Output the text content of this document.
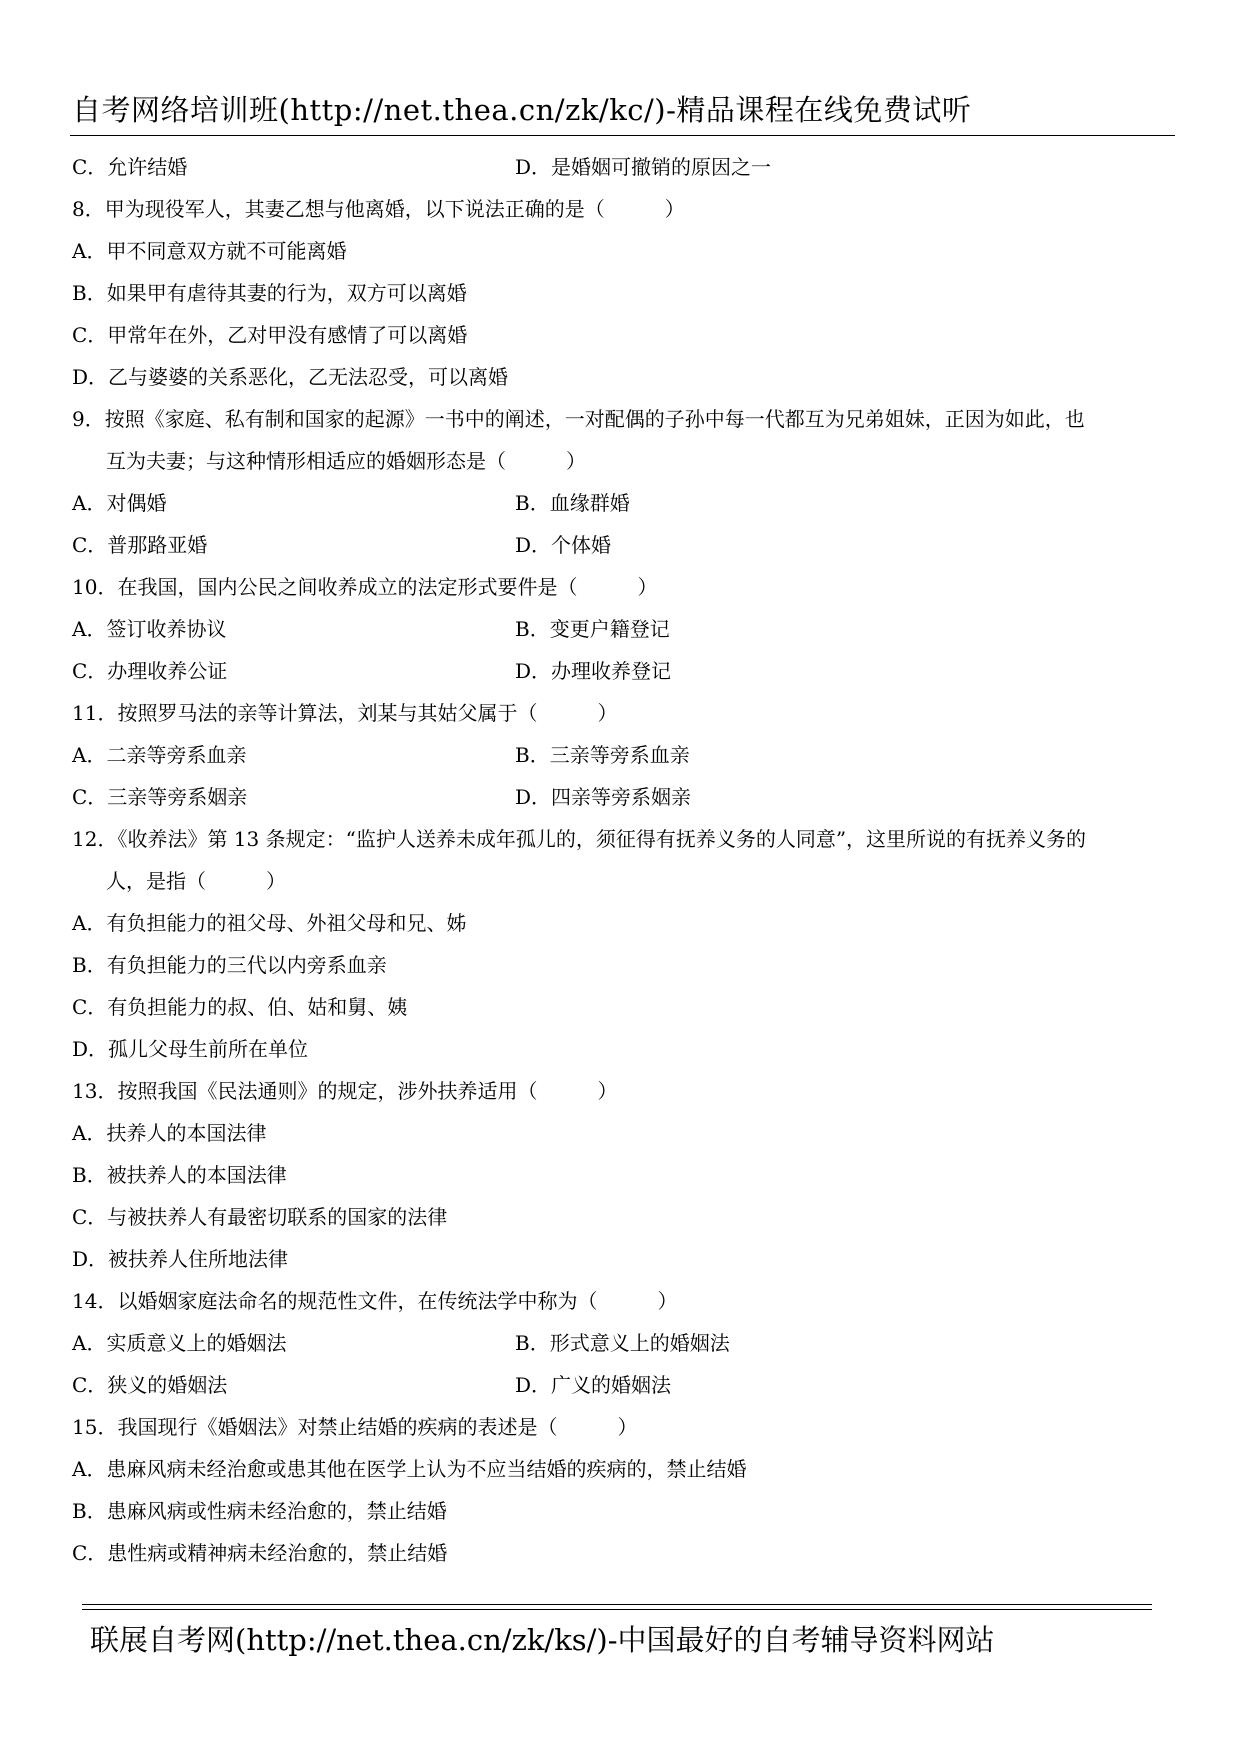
自考网络培训班(http://net.thea.cn/zk/kc/)-精品课程在线免费试听
C．允许结婚	D．是婚姻可撤销的原因之一
8．甲为现役军人，其妻乙想与他离婚，以下说法正确的是（　　　）
A．甲不同意双方就不可能离婚
B．如果甲有虐待其妻的行为，双方可以离婚
C．甲常年在外，乙对甲没有感情了可以离婚
D．乙与婆婆的关系恶化，乙无法忍受，可以离婚
9．按照《家庭、私有制和国家的起源》一书中的阐述，一对配偶的子孙中每一代都互为兄弟姐妹，正因为如此，也
互为夫妻；与这种情形相适应的婚姻形态是（　　　）
A．对偶婚	B．血缘群婚
C．普那路亚婚	D．个体婚
10．在我国，国内公民之间收养成立的法定形式要件是（　　　）
A．签订收养协议	B．变更户籍登记
C．办理收养公证	D．办理收养登记
11．按照罗马法的亲等计算法，刘某与其姑父属于（　　　）
A．二亲等旁系血亲	B．三亲等旁系血亲
C．三亲等旁系姻亲	D．四亲等旁系姻亲
12．《收养法》第 13 条规定：“监护人送养未成年孤儿的，须征得有抚养义务的人同意”，这里所说的有抚养义务的
人，是指（　　　）
A．有负担能力的祖父母、外祖父母和兄、姊
B．有负担能力的三代以内旁系血亲
C．有负担能力的叔、伯、姑和舅、姨
D．孤儿父母生前所在单位
13．按照我国《民法通则》的规定，涉外扶养适用（　　　）
A．扶养人的本国法律
B．被扶养人的本国法律
C．与被扶养人有最密切联系的国家的法律
D．被扶养人住所地法律
14．以婚姻家庭法命名的规范性文件，在传统法学中称为（　　　）
A．实质意义上的婚姻法	B．形式意义上的婚姻法
C．狭义的婚姻法	D．广义的婚姻法
15．我国现行《婚姻法》对禁止结婚的疾病的表述是（　　　）
A．患麻风病未经治愈或患其他在医学上认为不应当结婚的疾病的，禁止结婚
B．患麻风病或性病未经治愈的，禁止结婚
C．患性病或精神病未经治愈的，禁止结婚
联展自考网(http://net.thea.cn/zk/ks/)-中国最好的自考辅导资料网站
